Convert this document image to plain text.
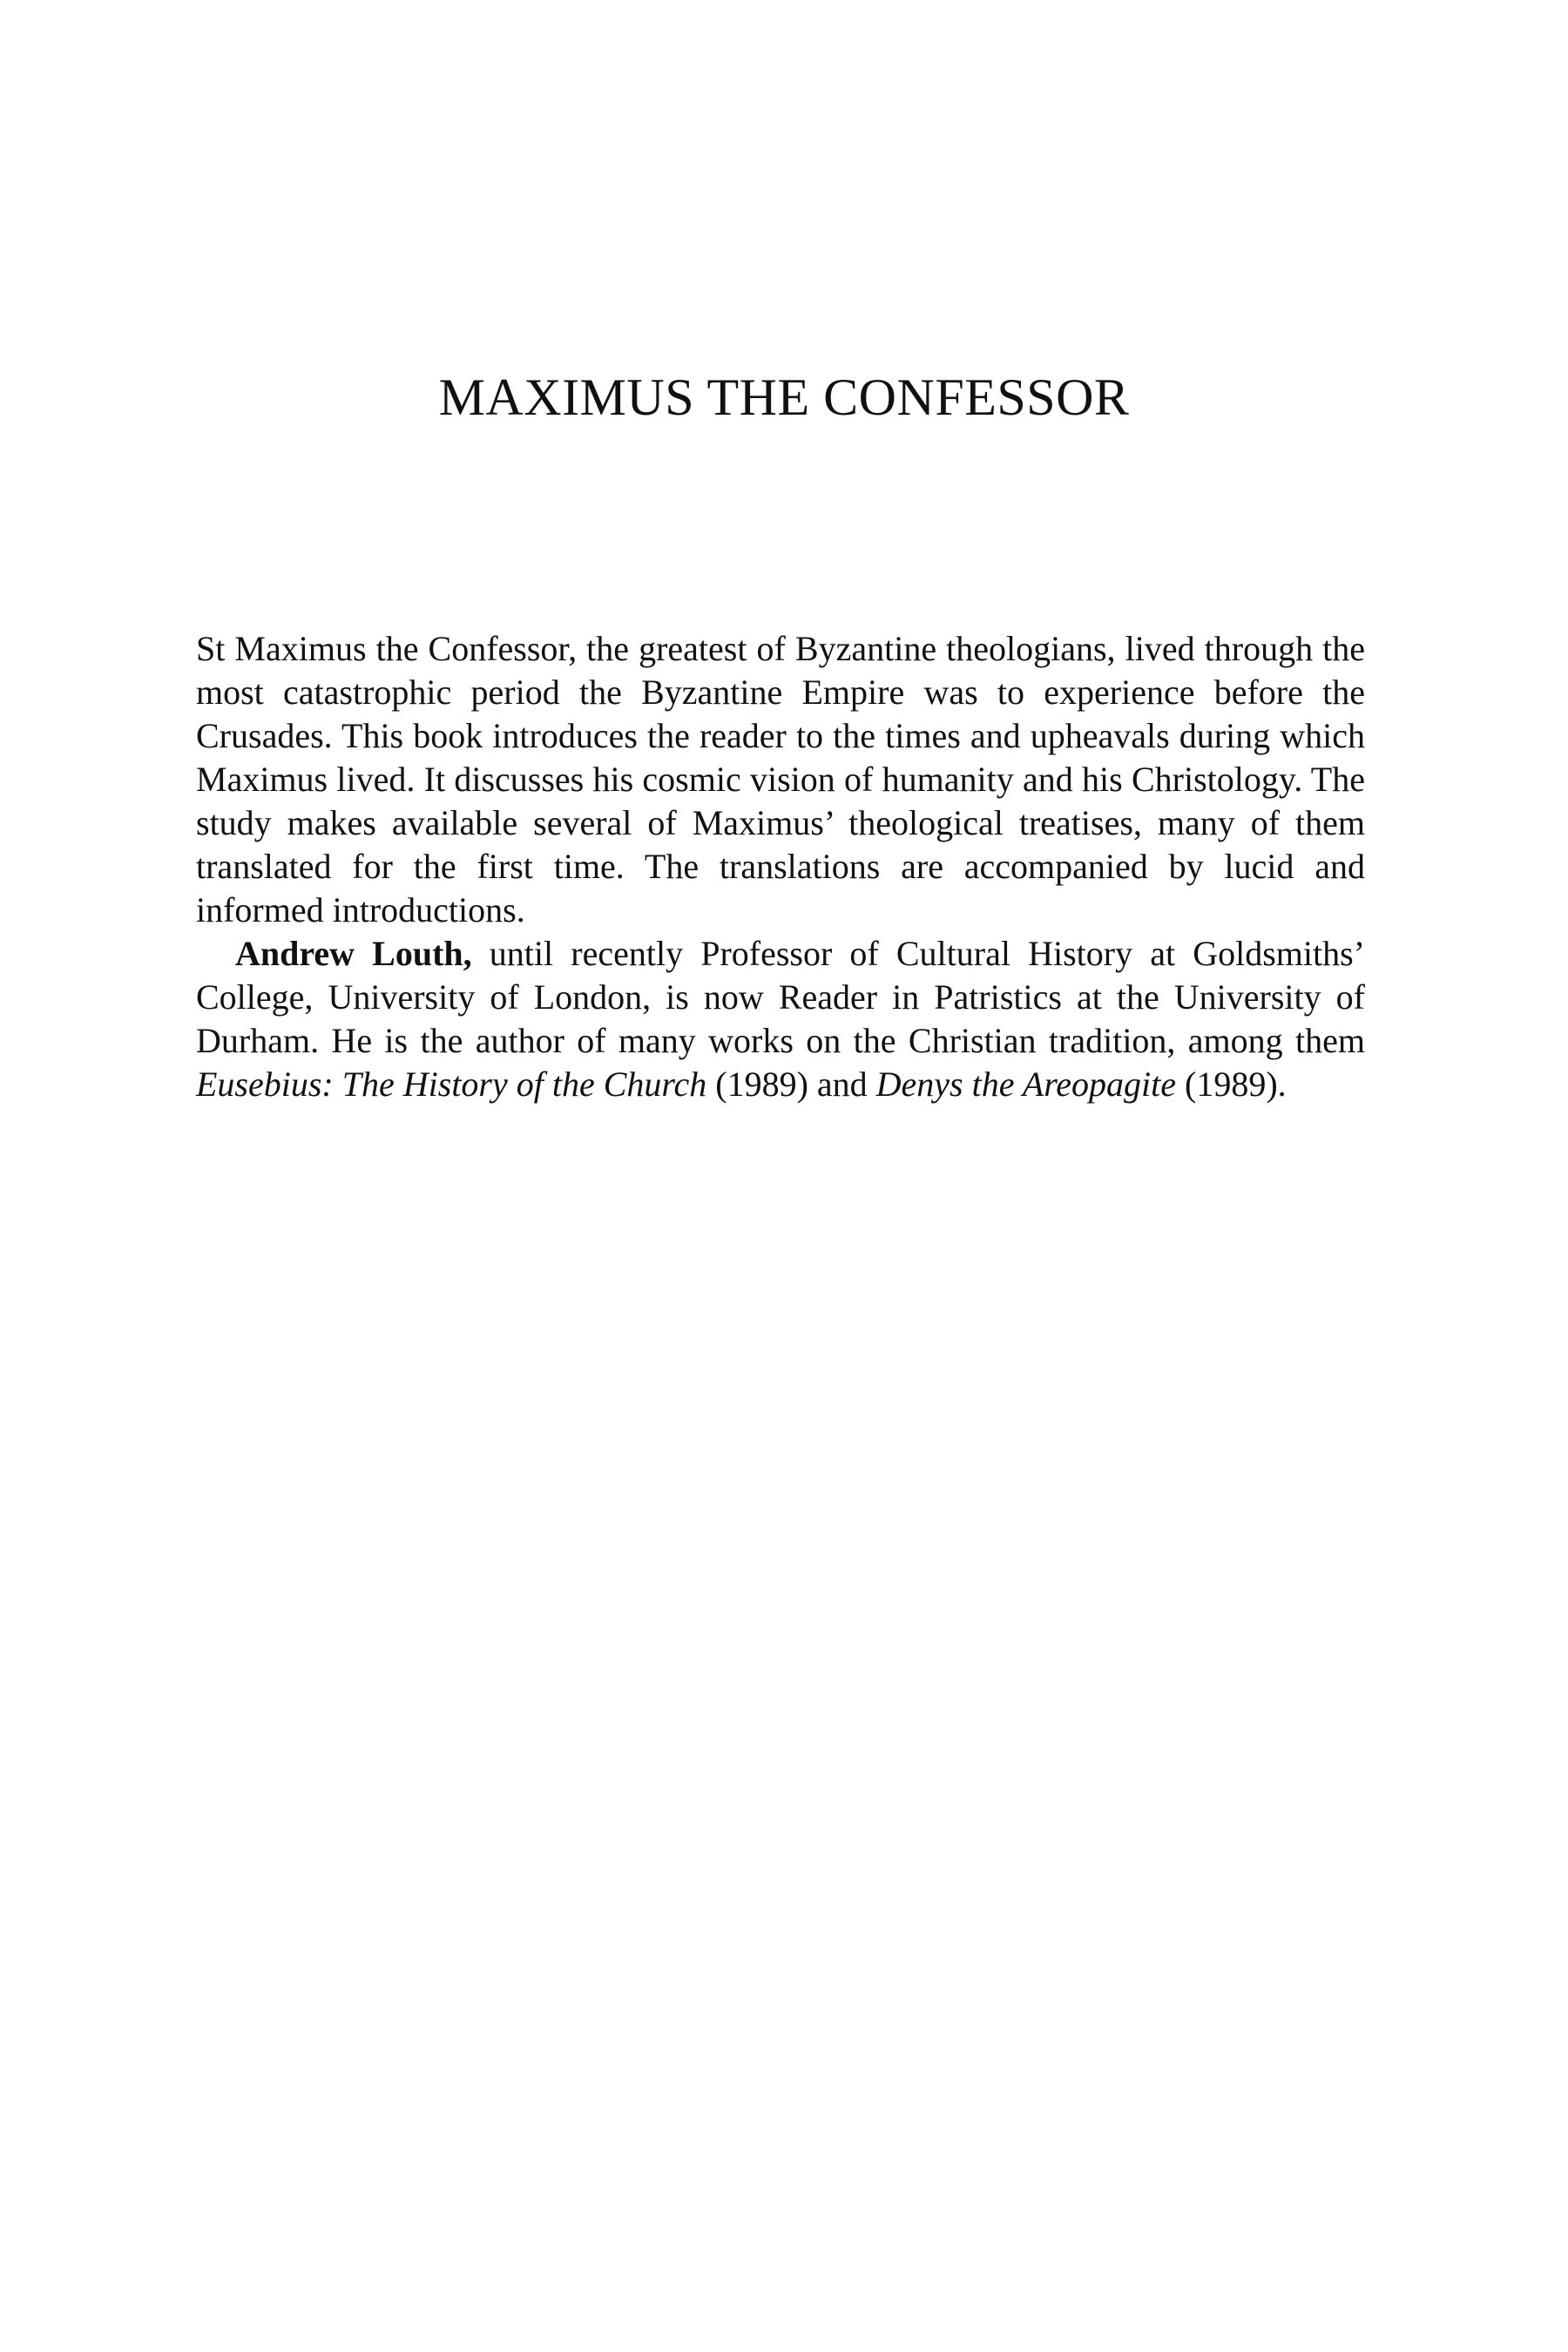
MAXIMUS THE CONFESSOR

St Maximus the Confessor, the greatest of Byzantine theologians, lived through the most catastrophic period the Byzantine Empire was to experience before the Crusades. This book introduces the reader to the times and upheavals during which Maximus lived. It discusses his cosmic vision of humanity and his Christology. The study makes available several of Maximus’ theological treatises, many of them translated for the first time. The translations are accompanied by lucid and informed introductions.

Andrew Louth, until recently Professor of Cultural History at Goldsmiths’ College, University of London, is now Reader in Patristics at the University of Durham. He is the author of many works on the Christian tradition, among them Eusebius: The History of the Church (1989) and Denys the Areopagite (1989).
